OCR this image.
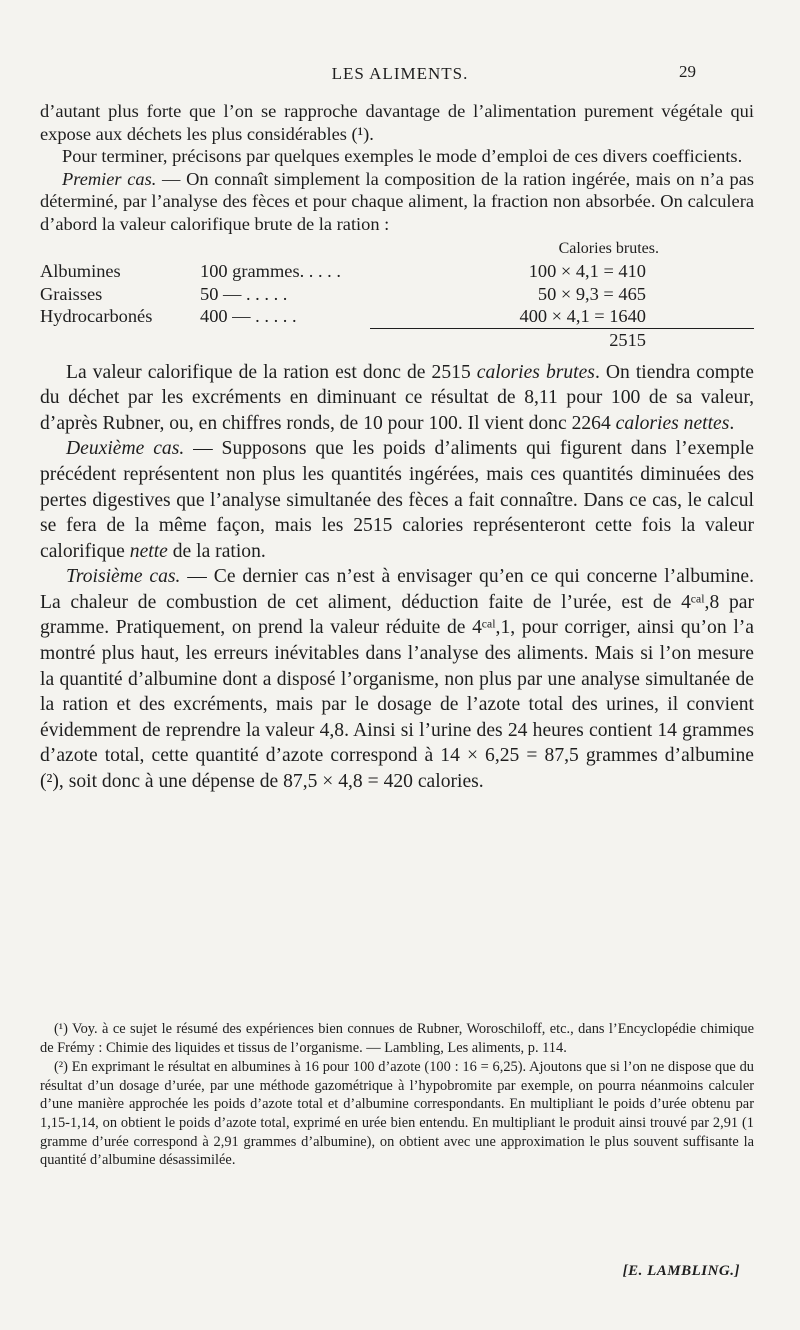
LES ALIMENTS.	29

d’autant plus forte que l’on se rapproche davantage de l’alimentation purement végétale qui expose aux déchets les plus considérables (¹).

Pour terminer, précisons par quelques exemples le mode d’emploi de ces divers coefficients.

Premier cas. — On connaît simplement la composition de la ration ingérée, mais on n’a pas déterminé, par l’analyse des fèces et pour chaque aliment, la fraction non absorbée. On calculera d’abord la valeur calorifique brute de la ration :

Calories brutes.		
Albumines	100 grammes. . . . .	100 × 4,1 = 410
Graisses	50 — . . . . .	50 × 9,3 = 465
Hydrocarbonés	400 — . . . . .	400 × 4,1 = 1640
		2515

La valeur calorifique de la ration est donc de 2515 calories brutes. On tiendra compte du déchet par les excréments en diminuant ce résultat de 8,11 pour 100 de sa valeur, d’après Rubner, ou, en chiffres ronds, de 10 pour 100. Il vient donc 2264 calories nettes.

Deuxième cas. — Supposons que les poids d’aliments qui figurent dans l’exemple précédent représentent non plus les quantités ingérées, mais ces quantités diminuées des pertes digestives que l’analyse simultanée des fèces a fait connaître. Dans ce cas, le calcul se fera de la même façon, mais les 2515 calories représenteront cette fois la valeur calorifique nette de la ration.

Troisième cas. — Ce dernier cas n’est à envisager qu’en ce qui concerne l’albumine. La chaleur de combustion de cet aliment, déduction faite de l’urée, est de 4ᶜᵃˡ,8 par gramme. Pratiquement, on prend la valeur réduite de 4ᶜᵃˡ,1, pour corriger, ainsi qu’on l’a montré plus haut, les erreurs inévitables dans l’analyse des aliments. Mais si l’on mesure la quantité d’albumine dont a disposé l’organisme, non plus par une analyse simultanée de la ration et des excréments, mais par le dosage de l’azote total des urines, il convient évidemment de reprendre la valeur 4,8. Ainsi si l’urine des 24 heures contient 14 grammes d’azote total, cette quantité d’azote correspond à 14 × 6,25 = 87,5 grammes d’albumine (²), soit donc à une dépense de 87,5 × 4,8 = 420 calories.

(¹) Voy. à ce sujet le résumé des expériences bien connues de Rubner, Woroschiloff, etc., dans l’Encyclopédie chimique de Frémy : Chimie des liquides et tissus de l’organisme. — Lambling, Les aliments, p. 114.

(²) En exprimant le résultat en albumines à 16 pour 100 d’azote (100 : 16 = 6,25). Ajoutons que si l’on ne dispose que du résultat d’un dosage d’urée, par une méthode gazométrique à l’hypobromite par exemple, on pourra néanmoins calculer d’une manière approchée les poids d’azote total et d’albumine correspondants. En multipliant le poids d’urée obtenu par 1,15-1,14, on obtient le poids d’azote total, exprimé en urée bien entendu. En multipliant le produit ainsi trouvé par 2,91 (1 gramme d’urée correspond à 2,91 grammes d’albumine), on obtient avec une approximation le plus souvent suffisante la quantité d’albumine désassimilée.

[E. LAMBLING.]
